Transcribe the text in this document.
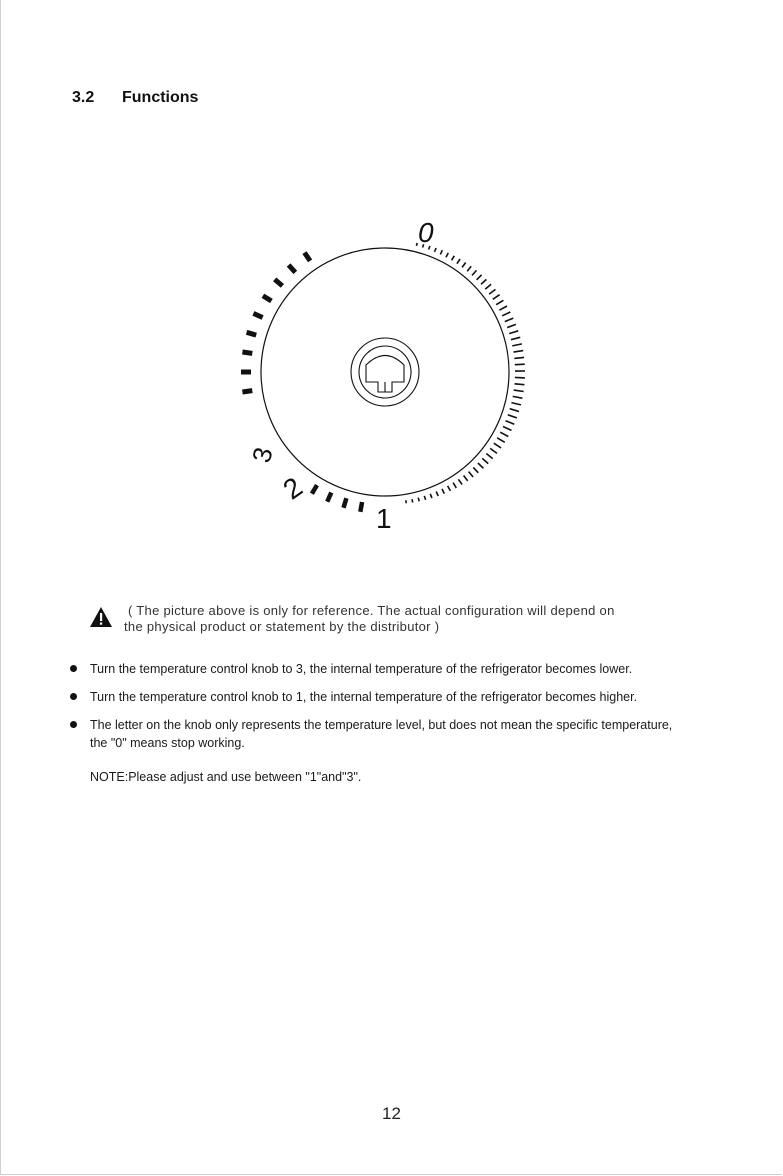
3.2 Functions
0
1
2
3
( The picture above is only for reference. The actual configuration will depend on
the physical product or statement by the distributor )
Turn the temperature control knob to 3, the internal temperature of the refrigerator becomes lower.
Turn the temperature control knob to 1, the internal temperature of the refrigerator becomes higher.
The letter on the knob only represents the temperature level, but does not mean the specific temperature,
the "0" means stop working.
NOTE:Please adjust and use between "1"and"3".
12
